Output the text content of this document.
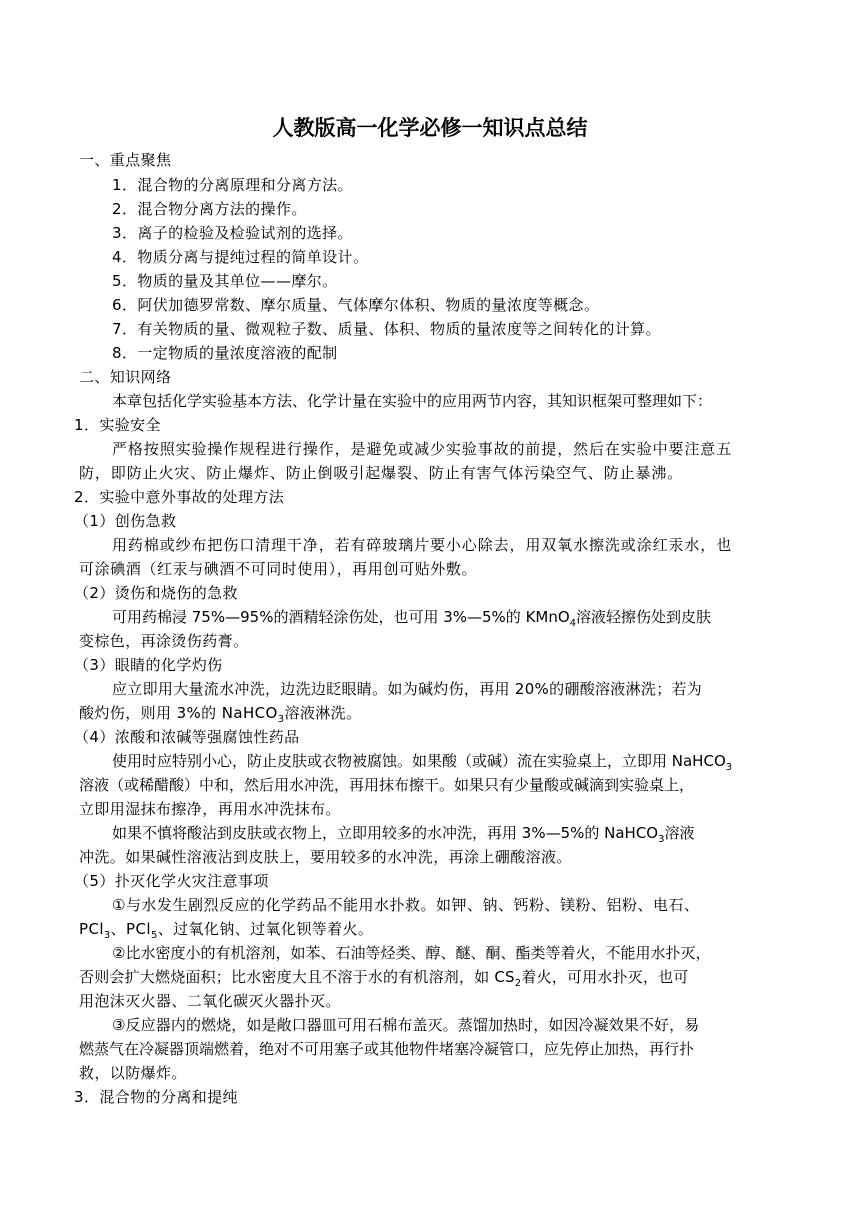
人教版高一化学必修一知识点总结
一、重点聚焦
1．混合物的分离原理和分离方法。
2．混合物分离方法的操作。
3．离子的检验及检验试剂的选择。
4．物质分离与提纯过程的简单设计。
5．物质的量及其单位——摩尔。
6．阿伏加德罗常数、摩尔质量、气体摩尔体积、物质的量浓度等概念。
7．有关物质的量、微观粒子数、质量、体积、物质的量浓度等之间转化的计算。
8．一定物质的量浓度溶液的配制
二、知识网络
本章包括化学实验基本方法、化学计量在实验中的应用两节内容，其知识框架可整理如下：
1．实验安全
严格按照实验操作规程进行操作，是避免或减少实验事故的前提，然后在实验中要注意五
防，即防止火灾、防止爆炸、防止倒吸引起爆裂、防止有害气体污染空气、防止暴沸。
2．实验中意外事故的处理方法
（1）创伤急救
用药棉或纱布把伤口清理干净，若有碎玻璃片要小心除去，用双氧水擦洗或涂红汞水，也
可涂碘酒（红汞与碘酒不可同时使用），再用创可贴外敷。
（2）烫伤和烧伤的急救
可用药棉浸 75%—95%的酒精轻涂伤处，也可用 3%—5%的 KMnO$_4$溶液轻擦伤处到皮肤
变棕色，再涂烫伤药膏。
（3）眼睛的化学灼伤
应立即用大量流水冲洗，边洗边眨眼睛。如为碱灼伤，再用 20%的硼酸溶液淋洗；若为
酸灼伤，则用 3%的 NaHCO$_3$溶液淋洗。
（4）浓酸和浓碱等强腐蚀性药品
使用时应特别小心，防止皮肤或衣物被腐蚀。如果酸（或碱）流在实验桌上，立即用 NaHCO$_3$
溶液（或稀醋酸）中和，然后用水冲洗，再用抹布擦干。如果只有少量酸或碱滴到实验桌上，
立即用湿抹布擦净，再用水冲洗抹布。
如果不慎将酸沾到皮肤或衣物上，立即用较多的水冲洗，再用 3%—5%的 NaHCO$_3$溶液
冲洗。如果碱性溶液沾到皮肤上，要用较多的水冲洗，再涂上硼酸溶液。
（5）扑灭化学火灾注意事项
①与水发生剧烈反应的化学药品不能用水扑救。如钾、钠、钙粉、镁粉、铝粉、电石、
PCl$_3$、PCl$_5$、过氧化钠、过氧化钡等着火。
②比水密度小的有机溶剂，如苯、石油等烃类、醇、醚、酮、酯类等着火，不能用水扑灭，
否则会扩大燃烧面积；比水密度大且不溶于水的有机溶剂，如 $CS_2$着火，可用水扑灭，也可
用泡沫灭火器、二氧化碳灭火器扑灭。
③反应器内的燃烧，如是敞口器皿可用石棉布盖灭。蒸馏加热时，如因冷凝效果不好，易
燃蒸气在冷凝器顶端燃着，绝对不可用塞子或其他物件堵塞冷凝管口，应先停止加热，再行扑
救，以防爆炸。
3．混合物的分离和提纯
